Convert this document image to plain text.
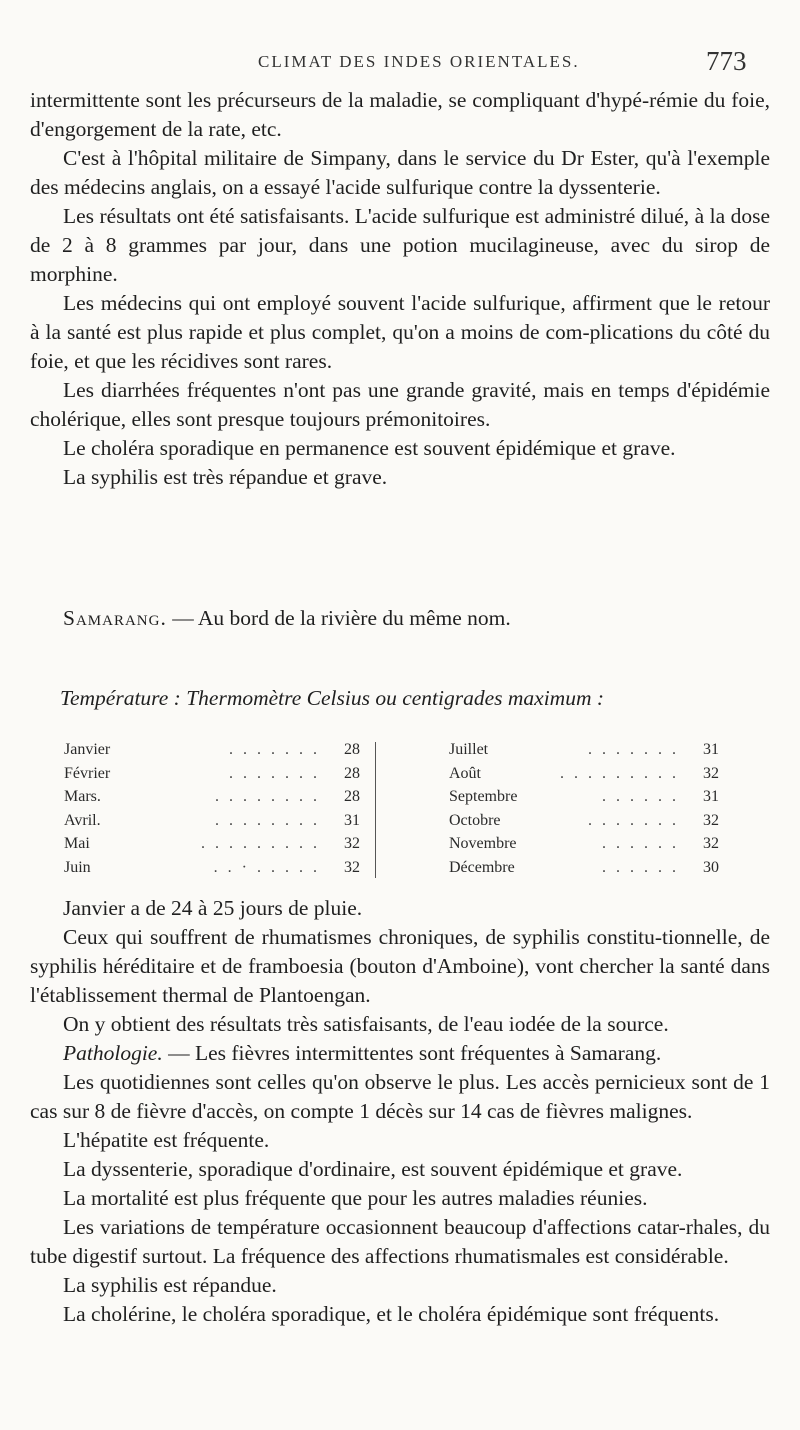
CLIMAT DES INDES ORIENTALES.	773

intermittente sont les précurseurs de la maladie, se compliquant d'hypé-rémie du foie, d'engorgement de la rate, etc.

C'est à l'hôpital militaire de Simpany, dans le service du Dr Ester, qu'à l'exemple des médecins anglais, on a essayé l'acide sulfurique contre la dyssenterie.

Les résultats ont été satisfaisants. L'acide sulfurique est administré dilué, à la dose de 2 à 8 grammes par jour, dans une potion mucilagineuse, avec du sirop de morphine.

Les médecins qui ont employé souvent l'acide sulfurique, affirment que le retour à la santé est plus rapide et plus complet, qu'on a moins de com-plications du côté du foie, et que les récidives sont rares.

Les diarrhées fréquentes n'ont pas une grande gravité, mais en temps d'épidémie cholérique, elles sont presque toujours prémonitoires.

Le choléra sporadique en permanence est souvent épidémique et grave.

La syphilis est très répandue et grave.

Samarang. — Au bord de la rivière du même nom.

Température : Thermomètre Celsius ou centigrades maximum :
Janvier	. . . . . . . 28
Février	. . . . . . . 28
Mars.	. . . . . . . . 28
Avril.	. . . . . . . . 31
Mai	. . . . . . . . . 32
Juin	. . · . . . . . 32
Juillet	. . . . . . . 31
Août	. . . . . . . . . 32
Septembre	. . . . . . 31
Octobre	. . . . . . . 32
Novembre	. . . . . . 32
Décembre	. . . . . . 30

Janvier a de 24 à 25 jours de pluie.

Ceux qui souffrent de rhumatismes chroniques, de syphilis constitu-tionnelle, de syphilis héréditaire et de framboesia (bouton d'Amboine), vont chercher la santé dans l'établissement thermal de Plantoengan.

On y obtient des résultats très satisfaisants, de l'eau iodée de la source.

Pathologie. — Les fièvres intermittentes sont fréquentes à Samarang.

Les quotidiennes sont celles qu'on observe le plus. Les accès pernicieux sont de 1 cas sur 8 de fièvre d'accès, on compte 1 décès sur 14 cas de fièvres malignes.

L'hépatite est fréquente.

La dyssenterie, sporadique d'ordinaire, est souvent épidémique et grave.

La mortalité est plus fréquente que pour les autres maladies réunies.

Les variations de température occasionnent beaucoup d'affections catar-rhales, du tube digestif surtout. La fréquence des affections rhumatismales est considérable.

La syphilis est répandue.

La cholérine, le choléra sporadique, et le choléra épidémique sont fréquents.
